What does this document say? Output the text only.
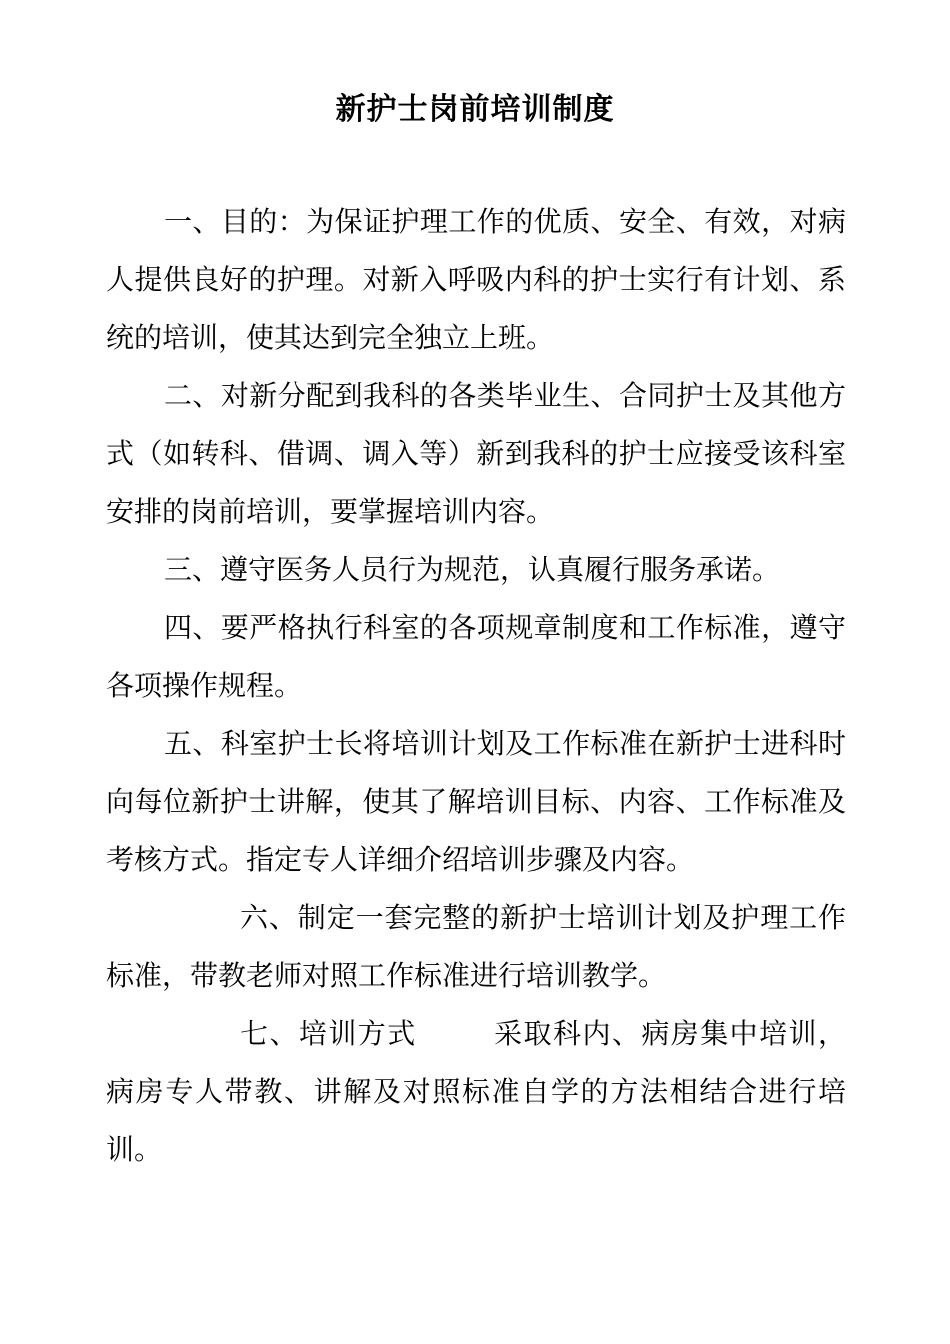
新护士岗前培训制度

一、目的：为保证护理工作的优质、安全、有效，对病人提供良好的护理。对新入呼吸内科的护士实行有计划、系统的培训，使其达到完全独立上班。

二、对新分配到我科的各类毕业生、合同护士及其他方式（如转科、借调、调入等）新到我科的护士应接受该科室安排的岗前培训，要掌握培训内容。

三、遵守医务人员行为规范，认真履行服务承诺。

四、要严格执行科室的各项规章制度和工作标准，遵守各项操作规程。

五、科室护士长将培训计划及工作标准在新护士进科时向每位新护士讲解，使其了解培训目标、内容、工作标准及考核方式。指定专人详细介绍培训步骤及内容。

六、制定一套完整的新护士培训计划及护理工作标准，带教老师对照工作标准进行培训教学。

七、培训方式	采取科内、病房集中培训，病房专人带教、讲解及对照标准自学的方法相结合进行培训。
